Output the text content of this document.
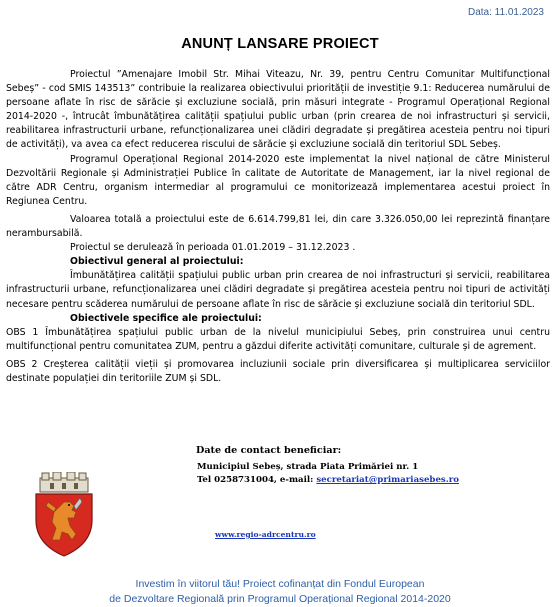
Data: 11.01.2023
ANUNȚ LANSARE PROIECT

Proiectul ”Amenajare Imobil Str. Mihai Viteazu, Nr. 39, pentru Centru Comunitar Multifuncțional Sebeș” - cod SMIS 143513” contribuie la realizarea obiectivului priorității de investiție 9.1: Reducerea numărului de persoane aflate în risc de sărăcie și excluziune socială, prin măsuri integrate - Programul Operațional Regional 2014-2020 -, întrucât îmbunătățirea calității spațiului public urban (prin crearea de noi infrastructuri și servicii, reabilitarea infrastructurii urbane, refuncționalizarea unei clădiri degradate și pregătirea acesteia pentru noi tipuri de activități), va avea ca efect reducerea riscului de sărăcie și excluziune socială din teritoriul SDL Sebeș.

Programul Operațional Regional 2014-2020 este implementat la nivel național de către Ministerul Dezvoltării Regionale și Administrației Publice în calitate de Autoritate de Management, iar la nivel regional de către ADR Centru, organism intermediar al programului ce monitorizează implementarea acestui proiect în Regiunea Centru.

Valoarea totală a proiectului este de 6.614.799,81 lei, din care 3.326.050,00 lei reprezintă finanțare nerambursabilă.

Proiectul se derulează în perioada 01.01.2019 – 31.12.2023 .

Obiectivul general al proiectului:

Îmbunătățirea calității spațiului public urban prin crearea de noi infrastructuri și servicii, reabilitarea infrastructurii urbane, refuncționalizarea unei clădiri degradate și pregătirea acesteia pentru noi tipuri de activități necesare pentru scăderea numărului de persoane aflate în risc de sărăcie și excluziune socială din teritoriul SDL.

Obiectivele specifice ale proiectului:

OBS 1 Îmbunătățirea spațiului public urban de la nivelul municipiului Sebeș, prin construirea unui centru multifuncțional pentru comunitatea ZUM, pentru a găzdui diferite activități comunitare, culturale și de agrement.

OBS 2 Creșterea calității vieții și promovarea incluziunii sociale prin diversificarea și multiplicarea serviciilor destinate populației din teritoriile ZUM și SDL.

Date de contact beneficiar:
Municipiul Sebeș, strada Piata Primăriei nr. 1
Tel 0258731004, e-mail: secretariat@primariasebes.ro
www.regio-adrcentru.ro
Investim în viitorul tău! Proiect cofinanțat din Fondul European
de Dezvoltare Regională prin Programul Operațional Regional 2014-2020
